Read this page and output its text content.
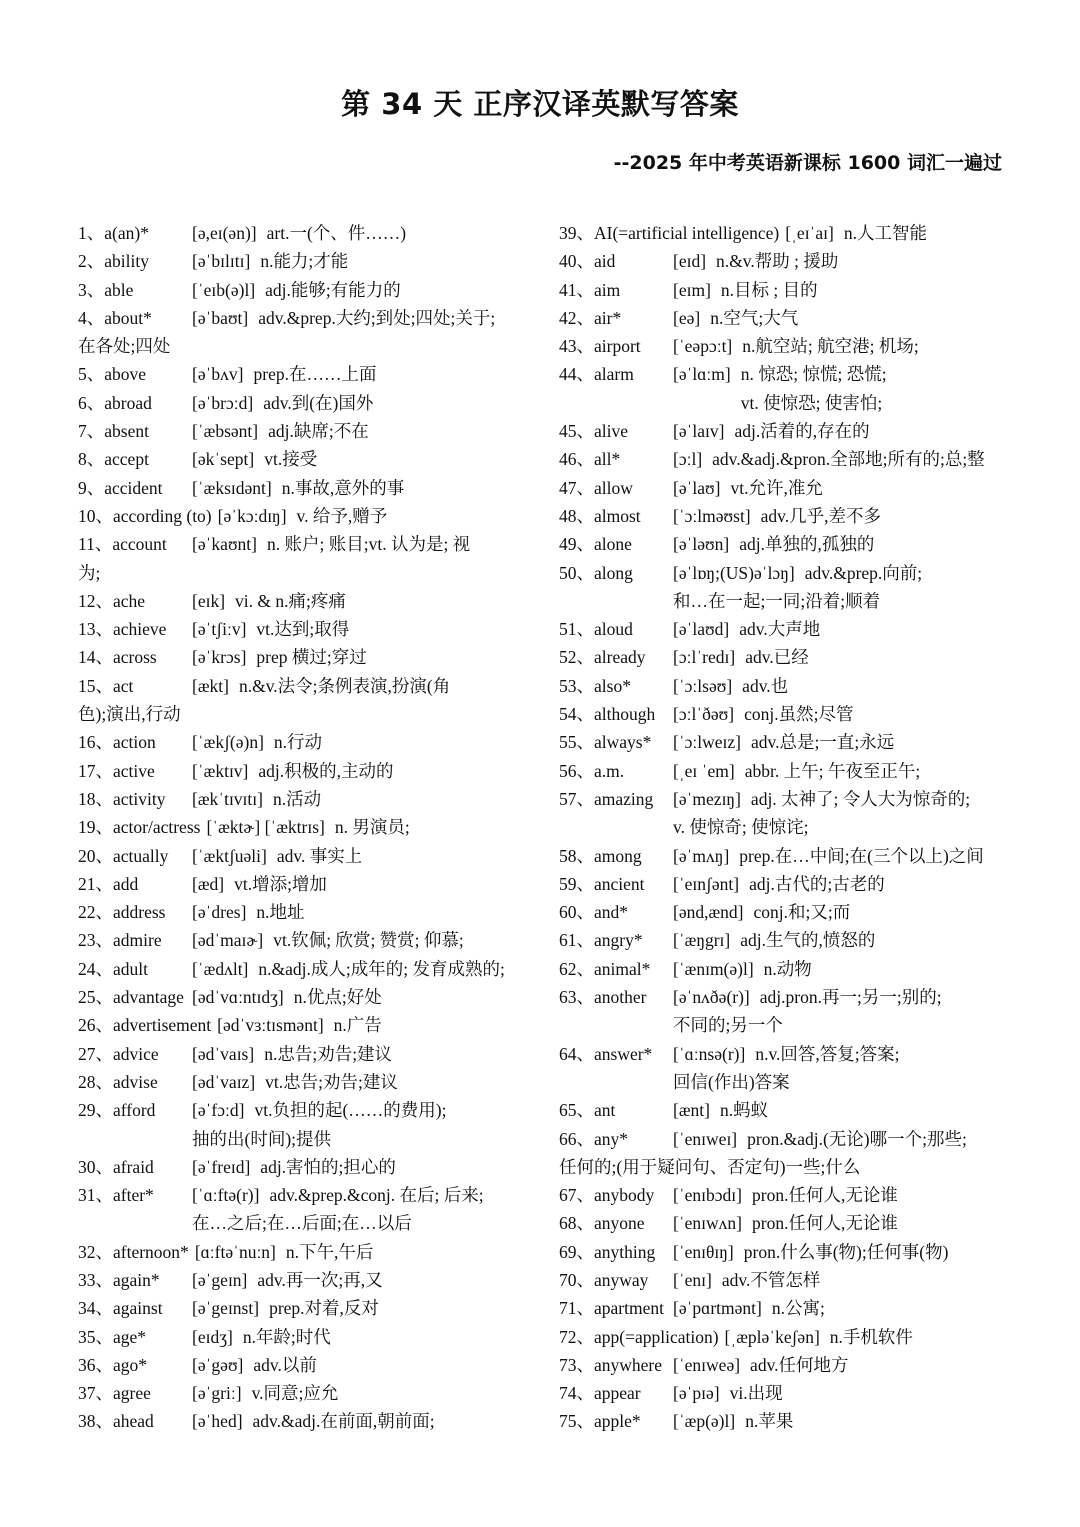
第 34 天 正序汉译英默写答案
--2025 年中考英语新课标 1600 词汇一遍过
1、a(an)* [ə,eɪ(ən)] art.一(个、件……)
2、ability [əˈbɪlɪtɪ] n.能力;才能
3、able	[ˈeɪb(ə)l] adj.能够;有能力的
4、about* [əˈbaʊt] adv.&prep.大约;到处;四处;关于;
在各处;四处
5、above	[əˈbʌv] prep.在……上面
6、abroad [əˈbrɔːd] adv.到(在)国外
7、absent [ˈæbsənt] adj.缺席;不在
8、accept [əkˈsept] vt.接受
9、accident [ˈæksɪdənt] n.事故,意外的事
10、according (to) [əˈkɔːdɪŋ] v. 给予,赠予
11、account [əˈkaʊnt] n. 账户; 账目;vt. 认为是; 视
为;
12、ache	[eɪk] vi. & n.痛;疼痛
13、achieve [əˈtʃiːv] vt.达到;取得
14、across [əˈkrɔs] prep 横过;穿过
15、act	[ækt] n.&v.法令;条例表演,扮演(角
色);演出,行动
16、action [ˈækʃ(ə)n] n.行动
17、active [ˈæktɪv] adj.积极的,主动的
18、activity [ækˈtɪvɪtɪ] n.活动
19、actor/actress [ˈæktɚ] [ˈæktrɪs] n. 男演员;
20、actually [ˈæktʃuəli] adv. 事实上
21、add	[æd] vt.增添;增加
22、address [əˈdres] n.地址
23、admire [ədˈmaɪɚ] vt.钦佩; 欣赏; 赞赏; 仰慕;
24、adult	[ˈædʌlt] n.&adj.成人;成年的; 发育成熟的;
25、advantage [ədˈvɑːntɪdʒ] n.优点;好处
26、advertisement [ədˈvɜːtɪsmənt] n.广告
27、advice [ədˈvaɪs] n.忠告;劝告;建议
28、advise [ədˈvaɪz] vt.忠告;劝告;建议
29、afford [əˈfɔːd] vt.负担的起(……的费用);
抽的出(时间);提供
30、afraid [əˈfreɪd] adj.害怕的;担心的
31、after* [ˈɑːftə(r)] adv.&prep.&conj. 在后; 后来;
在…之后;在…后面;在…以后
32、afternoon* [ɑːftəˈnuːn] n.下午,午后
33、again* [əˈgeɪn] adv.再一次;再,又
34、against [əˈgeɪnst] prep.对着,反对
35、age*	[eɪdʒ] n.年龄;时代
36、ago*	[əˈgəʊ] adv.以前
37、agree [əˈgriː] v.同意;应允
38、ahead [əˈhed] adv.&adj.在前面,朝前面;
39、AI(=artificial intelligence) [ˌeɪˈaɪ] n.人工智能
40、aid	[eɪd] n.&v.帮助 ; 援助
41、aim	[eɪm] n.目标 ; 目的
42、air*	[eə] n.空气;大气
43、airport [ˈeəpɔːt] n.航空站; 航空港; 机场;
44、alarm [əˈlɑːm] n. 惊恐; 惊慌; 恐慌;
vt. 使惊恐; 使害怕;
45、alive	[əˈlaɪv] adj.活着的,存在的
46、all*	[ɔːl] adv.&adj.&pron.全部地;所有的;总;整
47、allow [əˈlaʊ] vt.允许,准允
48、almost [ˈɔːlməʊst] adv.几乎,差不多
49、alone [əˈləʊn] adj.单独的,孤独的
50、along [əˈlɒŋ;(US)əˈlɔŋ] adv.&prep.向前;
和…在一起;一同;沿着;顺着
51、aloud [əˈlaʊd] adv.大声地
52、already [ɔːlˈredɪ] adv.已经
53、also* [ˈɔːlsəʊ] adv.也
54、although [ɔːlˈðəʊ] conj.虽然;尽管
55、always* [ˈɔːlweɪz] adv.总是;一直;永远
56、a.m.	[ˌeɪ ˈem] abbr. 上午; 午夜至正午;
57、amazing [əˈmezɪŋ] adj. 太神了; 令人大为惊奇的;
v. 使惊奇; 使惊诧;
58、among [əˈmʌŋ] prep.在…中间;在(三个以上)之间
59、ancient [ˈeɪnʃənt] adj.古代的;古老的
60、and*	[ənd,ænd] conj.和;又;而
61、angry* [ˈæŋgrɪ] adj.生气的,愤怒的
62、animal* [ˈænɪm(ə)l] n.动物
63、another [əˈnʌðə(r)] adj.pron.再一;另一;别的;
不同的;另一个
64、answer* [ˈɑːnsə(r)] n.v.回答,答复;答案;
回信(作出)答案
65、ant	[ænt] n.蚂蚁
66、any*	[ˈenɪweɪ] pron.&adj.(无论)哪一个;那些;
任何的;(用于疑问句、否定句)一些;什么
67、anybody [ˈenɪbɔdɪ] pron.任何人,无论谁
68、anyone [ˈenɪwʌn] pron.任何人,无论谁
69、anything [ˈenɪθɪŋ] pron.什么事(物);任何事(物)
70、anyway [ˈenɪ] adv.不管怎样
71、apartment [əˈpɑrtmənt] n.公寓;
72、app(=application) [ˌæpləˈkeʃən] n.手机软件
73、anywhere [ˈenɪweə] adv.任何地方
74、appear [əˈpɪə] vi.出现
75、apple* [ˈæp(ə)l] n.苹果
